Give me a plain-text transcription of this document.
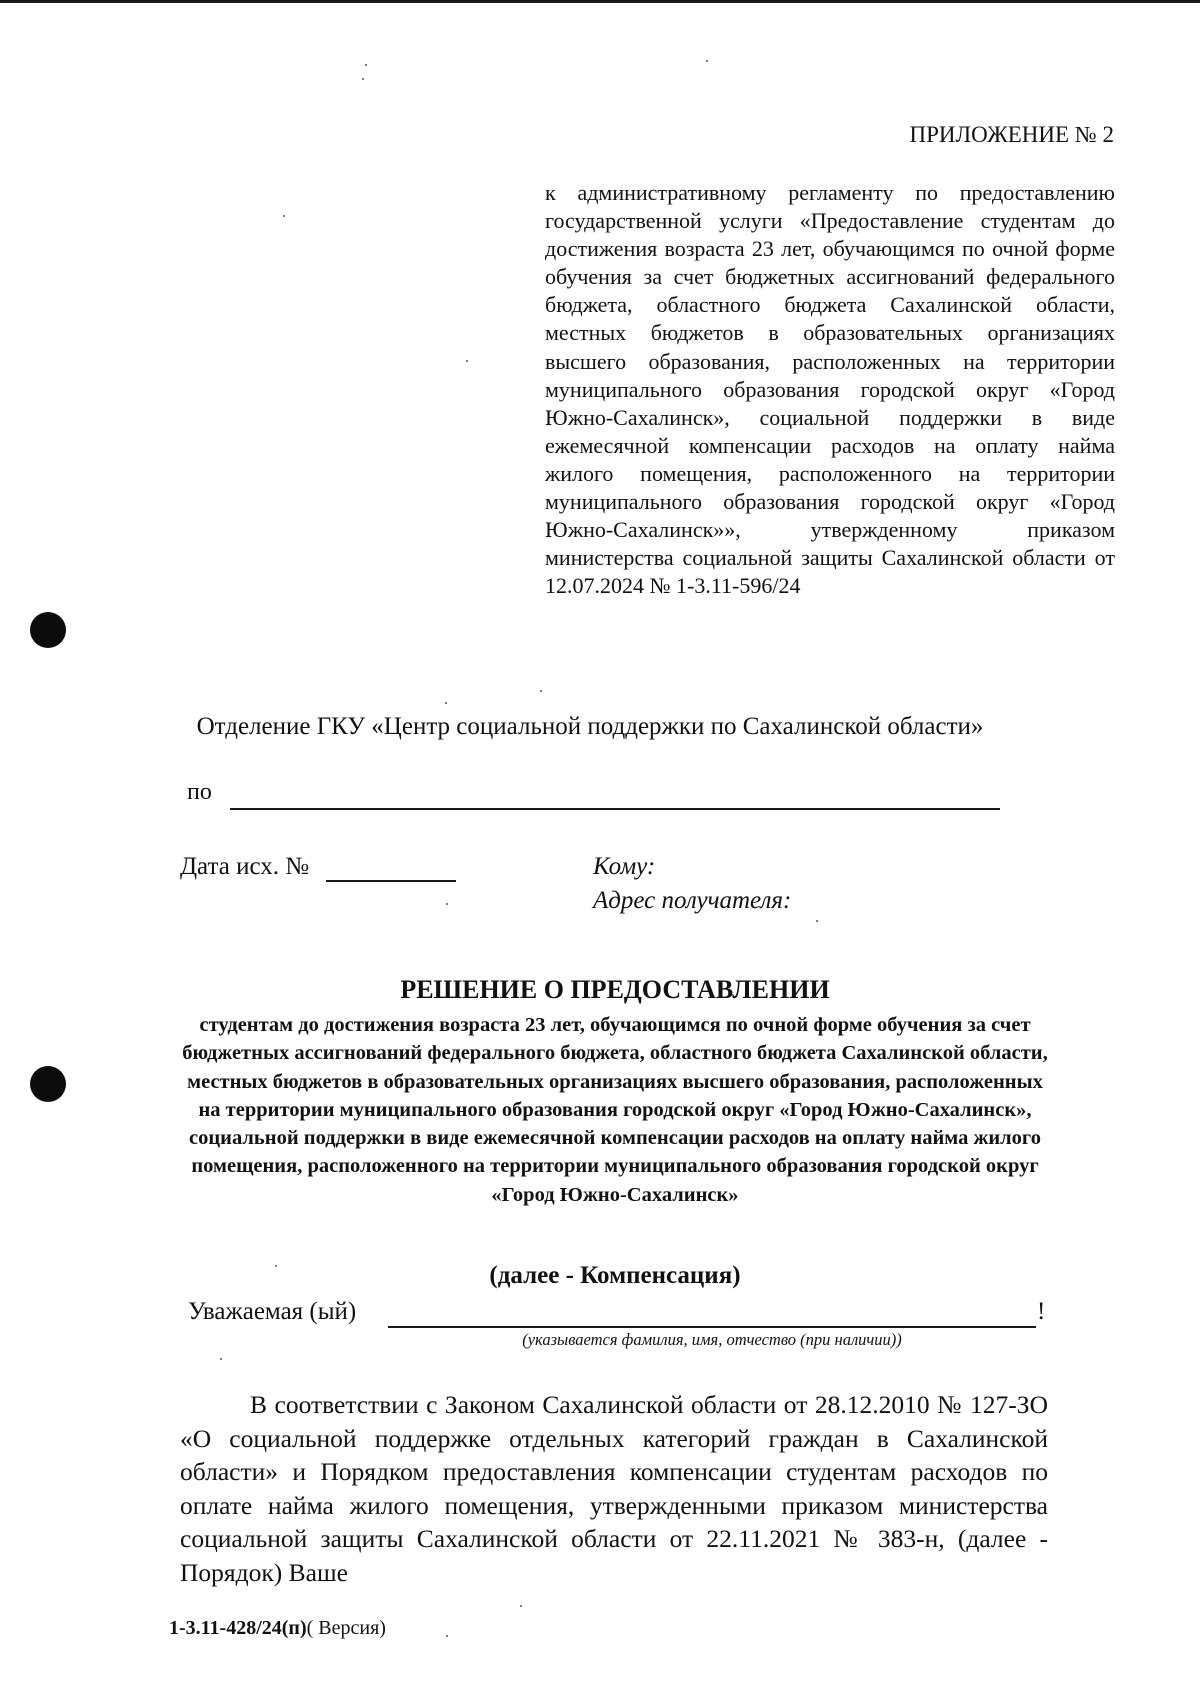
ПРИЛОЖЕНИЕ № 2
к административному регламенту по предоставлению государственной услуги «Предоставление студентам до достижения возраста 23 лет, обучающимся по очной форме обучения за счет бюджетных ассигнований федерального бюджета, областного бюджета Сахалинской области, местных бюджетов в образовательных организациях высшего образования, расположенных на территории муниципального образования городской округ «Город Южно-Сахалинск», социальной поддержки в виде ежемесячной компенсации расходов на оплату найма жилого помещения, расположенного на территории муниципального образования городской округ «Город Южно-Сахалинск»», утвержденному приказом министерства социальной защиты Сахалинской области от 12.07.2024 № 1-3.11-596/24
Отделение ГКУ «Центр социальной поддержки по Сахалинской области»
по
Дата исх. №	Кому:
Адрес получателя:
РЕШЕНИЕ О ПРЕДОСТАВЛЕНИИ
студентам до достижения возраста 23 лет, обучающимся по очной форме обучения за счет бюджетных ассигнований федерального бюджета, областного бюджета Сахалинской области, местных бюджетов в образовательных организациях высшего образования, расположенных на территории муниципального образования городской округ «Город Южно-Сахалинск», социальной поддержки в виде ежемесячной компенсации расходов на оплату найма жилого помещения, расположенного на территории муниципального образования городской округ «Город Южно-Сахалинск»
(далее - Компенсация)
Уважаемая (ый)	!
(указывается фамилия, имя, отчество (при наличии))
В соответствии с Законом Сахалинской области от 28.12.2010 № 127-ЗО «О социальной поддержке отдельных категорий граждан в Сахалинской области» и Порядком предоставления компенсации студентам расходов по оплате найма жилого помещения, утвержденными приказом министерства социальной защиты Сахалинской области от 22.11.2021 № 383-н, (далее - Порядок) Ваше
1-3.11-428/24(п)( Версия)
